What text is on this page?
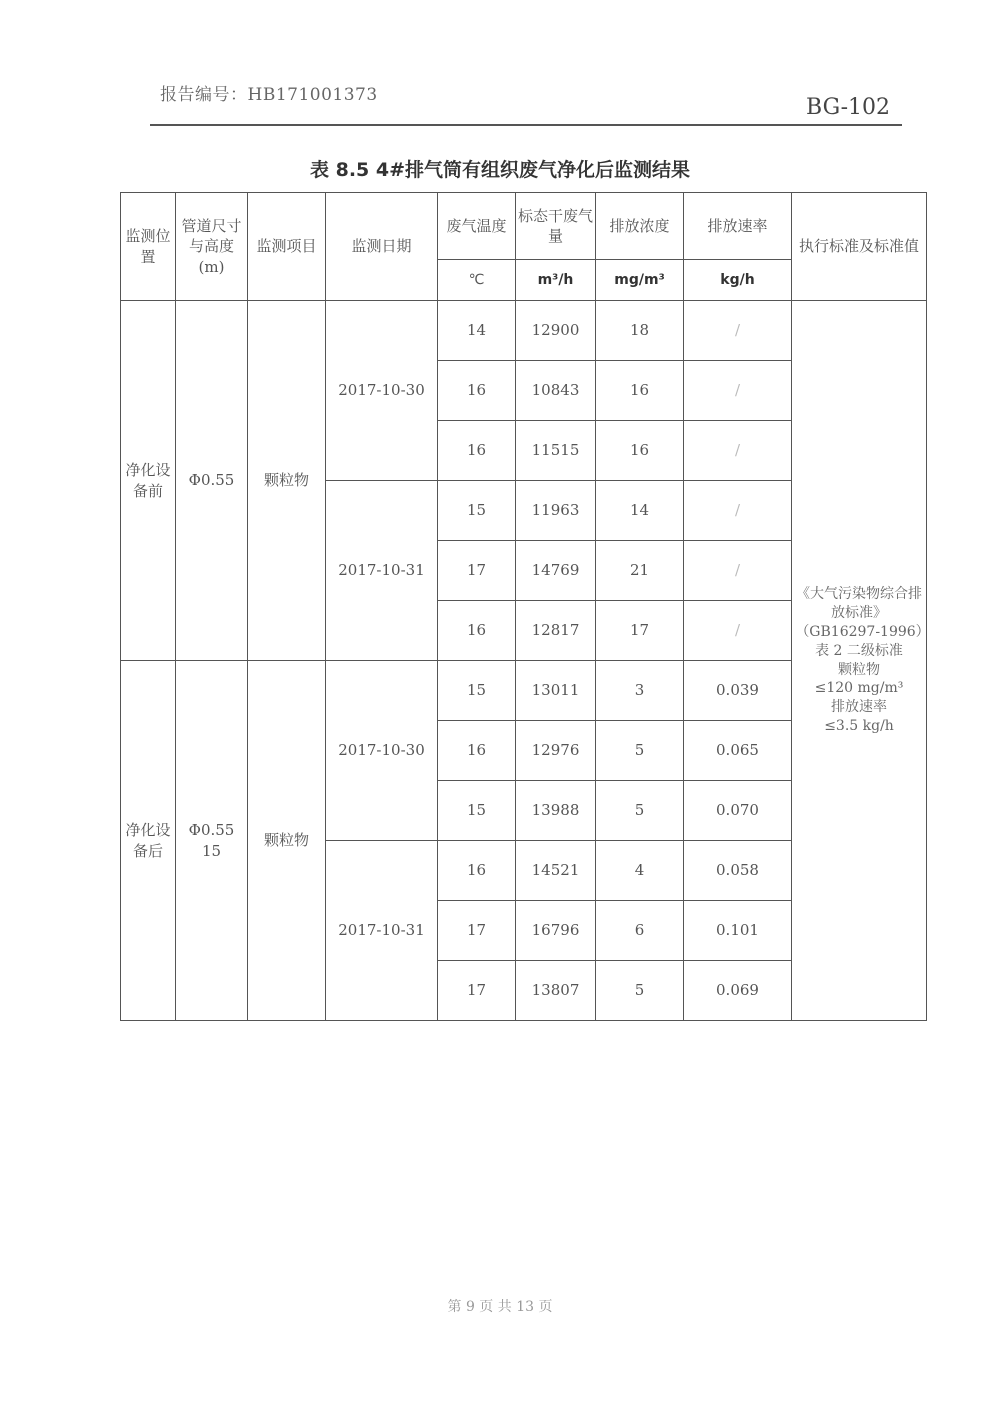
报告编号：HB171001373	BG-102
表 8.5 4#排气筒有组织废气净化后监测结果
监测位置	管道尺寸与高度(m)	监测项目	监测日期	废气温度	标态干废气量	排放浓度	排放速率	执行标准及标准值
				℃	m³/h	mg/m³	kg/h	
净化设备前	Φ0.55	颗粒物	2017-10-30	14	12900	18	/	《大气污染物综合排放标准》（GB16297-1996）表 2 二级标准
颗粒物
≤120 mg/m³
排放速率
≤3.5 kg/h

				16	10843	16	/	
				16	11515	16	/	
			2017-10-31	15	11963	14	/	
				17	14769	21	/	
				16	12817	17	/	
净化设备后	Φ0.55 15	颗粒物	2017-10-30	15	13011	3	0.039	
				16	12976	5	0.065	
				15	13988	5	0.070	
			2017-10-31	16	14521	4	0.058	
				17	16796	6	0.101	
				17	13807	5	0.069	
第 9 页 共 13 页
